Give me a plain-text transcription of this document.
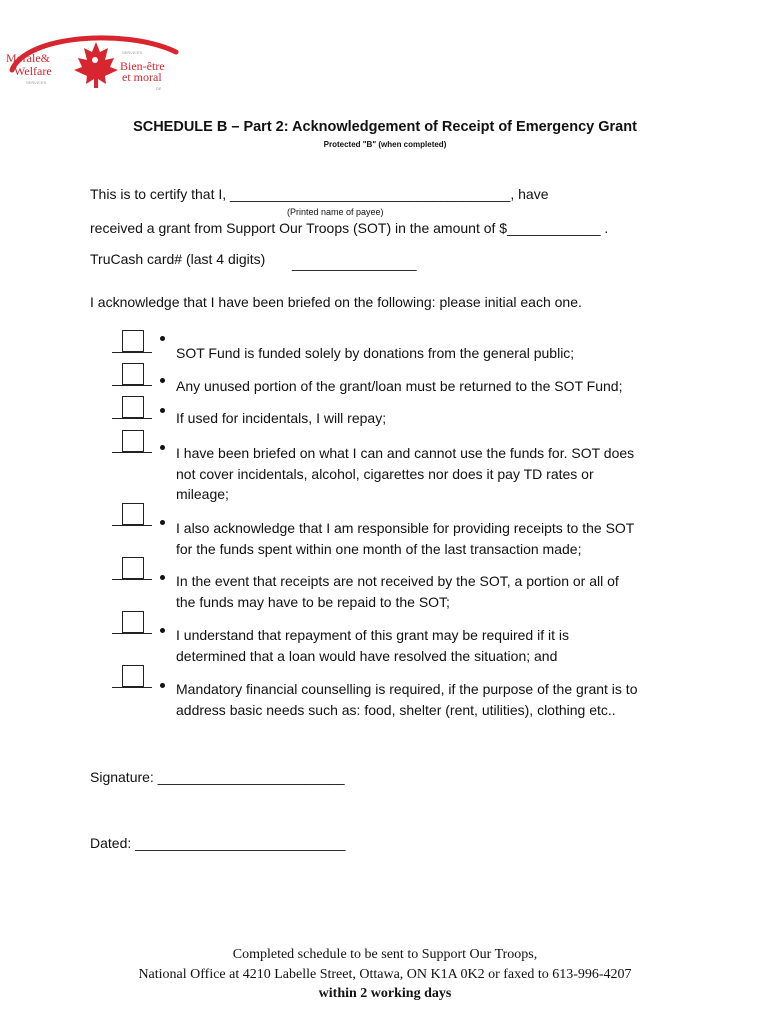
Morale&
Welfare
SERVICES
SERVICES
Bien-être
et moral
DE
SCHEDULE B – Part 2: Acknowledgement of Receipt of Emergency Grant
Protected "B" (when completed)
This is to certify that I, ____________________________________, have
(Printed name of payee)
received a grant from Support Our Troops (SOT) in the amount of $____________ .
TruCash card# (last 4 digits) ________________
I acknowledge that I have been briefed on the following: please initial each one.
SOT Fund is funded solely by donations from the general public;
Any unused portion of the grant/loan must be returned to the SOT Fund;
If used for incidentals, I will repay;
I have been briefed on what I can and cannot use the funds for. SOT does
not cover incidentals, alcohol, cigarettes nor does it pay TD rates or
mileage;
I also acknowledge that I am responsible for providing receipts to the SOT
for the funds spent within one month of the last transaction made;
In the event that receipts are not received by the SOT, a portion or all of
the funds may have to be repaid to the SOT;
I understand that repayment of this grant may be required if it is
determined that a loan would have resolved the situation; and
Mandatory financial counselling is required, if the purpose of the grant is to
address basic needs such as: food, shelter (rent, utilities), clothing etc..
Signature: ________________________
Dated: ___________________________
Completed schedule to be sent to Support Our Troops,
National Office at 4210 Labelle Street, Ottawa, ON K1A 0K2 or faxed to 613-996-4207
within 2 working days
